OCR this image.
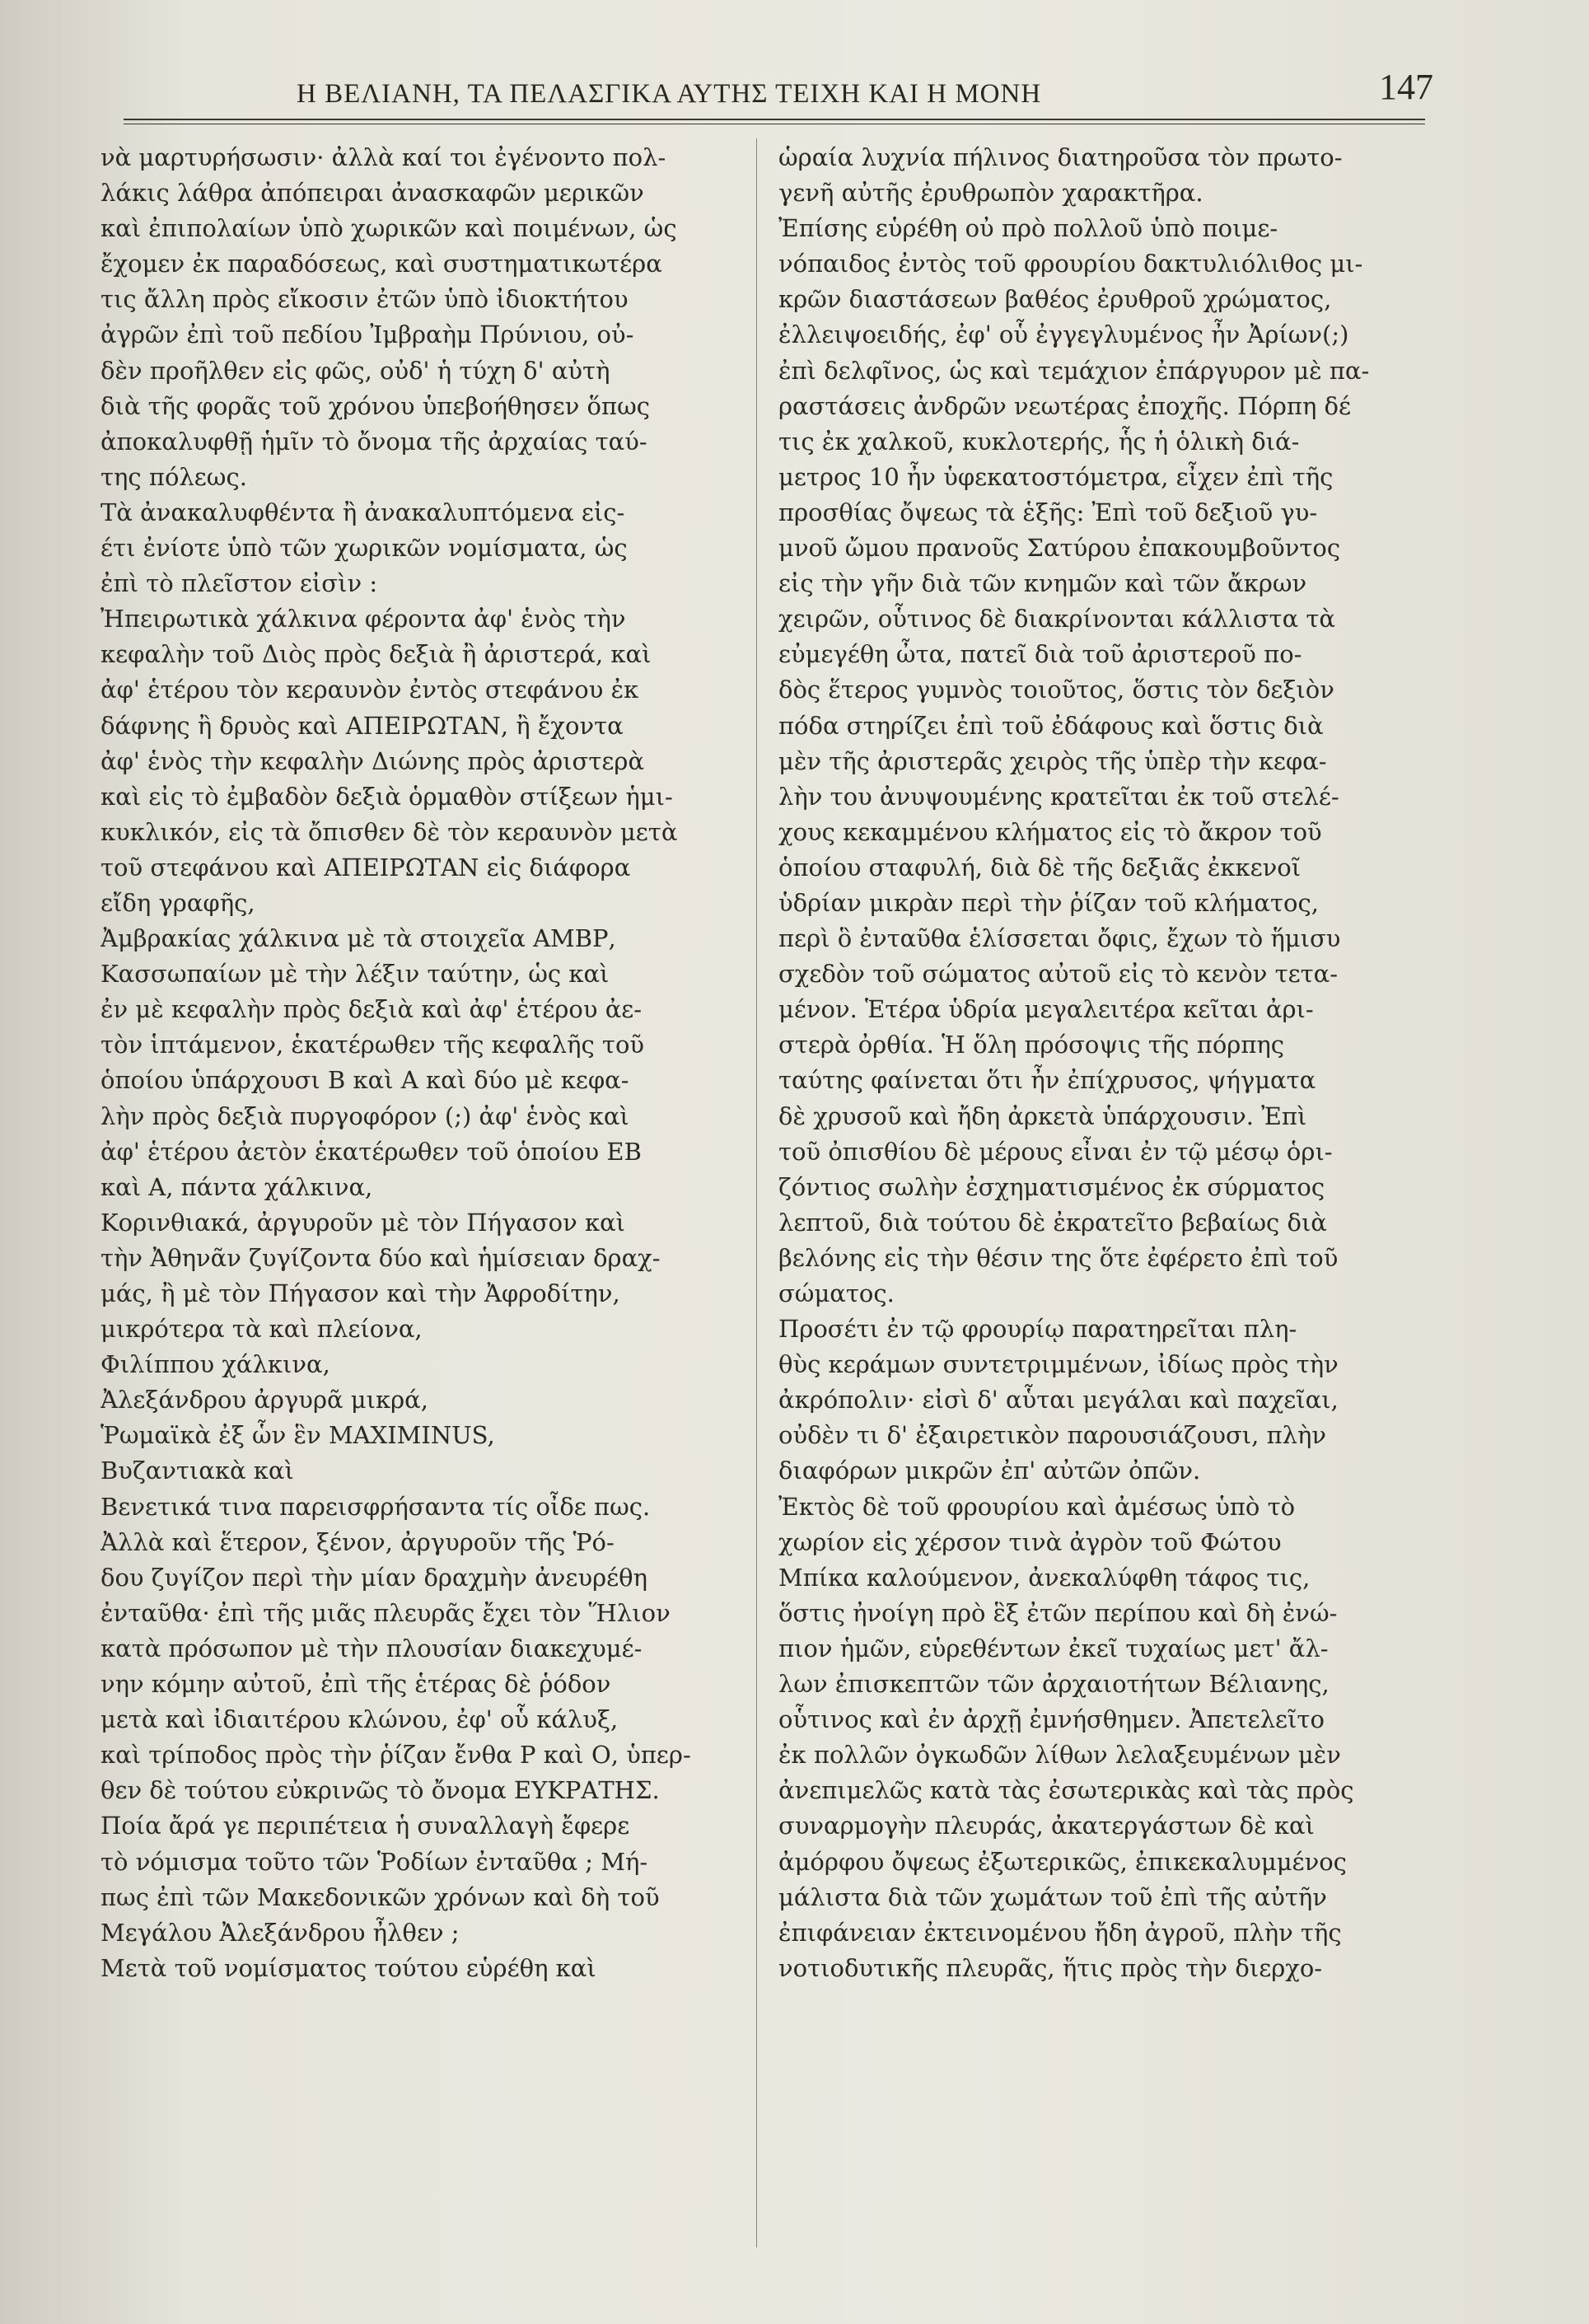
Η ΒΕΛΙΑΝΗ, ΤΑ ΠΕΛΑΣΓΙΚΑ ΑΥΤΗΣ ΤΕΙΧΗ ΚΑΙ Η ΜΟΝΗ	147
νὰ μαρτυρήσωσιν· ἀλλὰ καί τοι ἐγένοντο πολ-
λάκις λάθρα ἀπόπειραι ἀνασκαφῶν μερικῶν
καὶ ἐπιπολαίων ὑπὸ χωρικῶν καὶ ποιμένων, ὡς
ἔχομεν ἐκ παραδόσεως, καὶ συστηματικωτέρα
τις ἄλλη πρὸς εἴκοσιν ἐτῶν ὑπὸ ἰδιοκτήτου
ἀγρῶν ἐπὶ τοῦ πεδίου Ἰμβραὴμ Πρύνιου, οὐ-
δὲν προῆλθεν εἰς φῶς, οὐδ' ἡ τύχη δ' αὐτὴ
διὰ τῆς φορᾶς τοῦ χρόνου ὑπεβοήθησεν ὅπως
ἀποκαλυφθῇ ἡμῖν τὸ ὄνομα τῆς ἀρχαίας ταύ-
της πόλεως.
Τὰ ἀνακαλυφθέντα ἢ ἀνακαλυπτόμενα εἰς-
έτι ἐνίοτε ὑπὸ τῶν χωρικῶν νομίσματα, ὡς
ἐπὶ τὸ πλεῖστον εἰσὶν :
Ἠπειρωτικὰ χάλκινα φέροντα ἀφ' ἑνὸς τὴν
κεφαλὴν τοῦ Διὸς πρὸς δεξιὰ ἢ ἀριστερά, καὶ
ἀφ' ἑτέρου τὸν κεραυνὸν ἐντὸς στεφάνου ἐκ
δάφνης ἢ δρυὸς καὶ ΑΠΕΙΡΩΤΑΝ, ἢ ἔχοντα
ἀφ' ἑνὸς τὴν κεφαλὴν Διώνης πρὸς ἀριστερὰ
καὶ εἰς τὸ ἐμβαδὸν δεξιὰ ὁρμαθὸν στίξεων ἡμι-
κυκλικόν, εἰς τὰ ὄπισθεν δὲ τὸν κεραυνὸν μετὰ
τοῦ στεφάνου καὶ ΑΠΕΙΡΩΤΑΝ εἰς διάφορα
εἴδη γραφῆς,
Ἀμβρακίας χάλκινα μὲ τὰ στοιχεῖα ΑΜΒΡ,
Κασσωπαίων μὲ τὴν λέξιν ταύτην, ὡς καὶ
ἐν μὲ κεφαλὴν πρὸς δεξιὰ καὶ ἀφ' ἑτέρου ἀε-
τὸν ἱπτάμενον, ἑκατέρωθεν τῆς κεφαλῆς τοῦ
ὁποίου ὑπάρχουσι Β καὶ Α καὶ δύο μὲ κεφα-
λὴν πρὸς δεξιὰ πυργοφόρον (;) ἀφ' ἑνὸς καὶ
ἀφ' ἑτέρου ἀετὸν ἑκατέρωθεν τοῦ ὁποίου ΕΒ
καὶ Α, πάντα χάλκινα,
Κορινθιακά, ἀργυροῦν μὲ τὸν Πήγασον καὶ
τὴν Ἀθηνᾶν ζυγίζοντα δύο καὶ ἡμίσειαν δραχ-
μάς, ἢ μὲ τὸν Πήγασον καὶ τὴν Ἀφροδίτην,
μικρότερα τὰ καὶ πλείονα,
Φιλίππου χάλκινα,
Ἀλεξάνδρου ἀργυρᾶ μικρά,
Ῥωμαϊκὰ ἐξ ὧν ἓν MAXIMINUS,
Βυζαντιακὰ καὶ
Βενετικά τινα παρεισφρήσαντα τίς οἶδε πως.
Ἀλλὰ καὶ ἕτερον, ξένον, ἀργυροῦν τῆς Ῥό-
δου ζυγίζον περὶ τὴν μίαν δραχμὴν ἀνευρέθη
ἐνταῦθα· ἐπὶ τῆς μιᾶς πλευρᾶς ἔχει τὸν Ἥλιον
κατὰ πρόσωπον μὲ τὴν πλουσίαν διακεχυμέ-
νην κόμην αὐτοῦ, ἐπὶ τῆς ἑτέρας δὲ ῥόδον
μετὰ καὶ ἰδιαιτέρου κλώνου, ἐφ' οὗ κάλυξ,
καὶ τρίποδος πρὸς τὴν ῥίζαν ἔνθα Ρ καὶ Ο, ὑπερ-
θεν δὲ τούτου εὐκρινῶς τὸ ὄνομα ΕΥΚΡΑΤΗΣ.
Ποία ἄρά γε περιπέτεια ἡ συναλλαγὴ ἔφερε
τὸ νόμισμα τοῦτο τῶν Ῥοδίων ἐνταῦθα ; Μή-
πως ἐπὶ τῶν Μακεδονικῶν χρόνων καὶ δὴ τοῦ
Μεγάλου Ἀλεξάνδρου ἦλθεν ;
Μετὰ τοῦ νομίσματος τούτου εὑρέθη καὶ
ὡραία λυχνία πήλινος διατηροῦσα τὸν πρωτο-
γενῆ αὐτῆς ἐρυθρωπὸν χαρακτῆρα.
Ἐπίσης εὑρέθη οὐ πρὸ πολλοῦ ὑπὸ ποιμε-
νόπαιδος ἐντὸς τοῦ φρουρίου δακτυλιόλιθος μι-
κρῶν διαστάσεων βαθέος ἐρυθροῦ χρώματος,
ἐλλειψοειδής, ἐφ' οὗ ἐγγεγλυμένος ἦν Ἀρίων(;)
ἐπὶ δελφῖνος, ὡς καὶ τεμάχιον ἐπάργυρον μὲ πα-
ραστάσεις ἀνδρῶν νεωτέρας ἐποχῆς. Πόρπη δέ
τις ἐκ χαλκοῦ, κυκλοτερής, ἧς ἡ ὁλικὴ διά-
μετρος 10 ἦν ὑφεκατοστόμετρα, εἶχεν ἐπὶ τῆς
προσθίας ὄψεως τὰ ἑξῆς: Ἐπὶ τοῦ δεξιοῦ γυ-
μνοῦ ὤμου πρανοῦς Σατύρου ἐπακουμβοῦντος
εἰς τὴν γῆν διὰ τῶν κνημῶν καὶ τῶν ἄκρων
χειρῶν, οὗτινος δὲ διακρίνονται κάλλιστα τὰ
εὐμεγέθη ὦτα, πατεῖ διὰ τοῦ ἀριστεροῦ πο-
δὸς ἕτερος γυμνὸς τοιοῦτος, ὅστις τὸν δεξιὸν
πόδα στηρίζει ἐπὶ τοῦ ἐδάφους καὶ ὅστις διὰ
μὲν τῆς ἀριστερᾶς χειρὸς τῆς ὑπὲρ τὴν κεφα-
λὴν του ἀνυψουμένης κρατεῖται ἐκ τοῦ στελέ-
χους κεκαμμένου κλήματος εἰς τὸ ἄκρον τοῦ
ὁποίου σταφυλή, διὰ δὲ τῆς δεξιᾶς ἐκκενοῖ
ὑδρίαν μικρὰν περὶ τὴν ῥίζαν τοῦ κλήματος,
περὶ ὃ ἐνταῦθα ἑλίσσεται ὄφις, ἔχων τὸ ἥμισυ
σχεδὸν τοῦ σώματος αὐτοῦ εἰς τὸ κενὸν τετα-
μένον. Ἑτέρα ὑδρία μεγαλειτέρα κεῖται ἀρι-
στερὰ ὀρθία. Ἡ ὅλη πρόσοψις τῆς πόρπης
ταύτης φαίνεται ὅτι ἦν ἐπίχρυσος, ψήγματα
δὲ χρυσοῦ καὶ ἤδη ἀρκετὰ ὑπάρχουσιν. Ἐπὶ
τοῦ ὀπισθίου δὲ μέρους εἶναι ἐν τῷ μέσῳ ὁρι-
ζόντιος σωλὴν ἐσχηματισμένος ἐκ σύρματος
λεπτοῦ, διὰ τούτου δὲ ἐκρατεῖτο βεβαίως διὰ
βελόνης εἰς τὴν θέσιν της ὅτε ἐφέρετο ἐπὶ τοῦ
σώματος.
Προσέτι ἐν τῷ φρουρίῳ παρατηρεῖται πλη-
θὺς κεράμων συντετριμμένων, ἰδίως πρὸς τὴν
ἀκρόπολιν· εἰσὶ δ' αὗται μεγάλαι καὶ παχεῖαι,
οὐδὲν τι δ' ἐξαιρετικὸν παρουσιάζουσι, πλὴν
διαφόρων μικρῶν ἐπ' αὐτῶν ὀπῶν.
Ἐκτὸς δὲ τοῦ φρουρίου καὶ ἀμέσως ὑπὸ τὸ
χωρίον εἰς χέρσον τινὰ ἀγρὸν τοῦ Φώτου
Μπίκα καλούμενον, ἀνεκαλύφθη τάφος τις,
ὅστις ἠνοίγη πρὸ ἓξ ἐτῶν περίπου καὶ δὴ ἐνώ-
πιον ἡμῶν, εὑρεθέντων ἐκεῖ τυχαίως μετ' ἄλ-
λων ἐπισκεπτῶν τῶν ἀρχαιοτήτων Βέλιανης,
οὗτινος καὶ ἐν ἀρχῇ ἐμνήσθημεν. Ἀπετελεῖτο
ἐκ πολλῶν ὀγκωδῶν λίθων λελαξευμένων μὲν
ἀνεπιμελῶς κατὰ τὰς ἐσωτερικὰς καὶ τὰς πρὸς
συναρμογὴν πλευράς, ἀκατεργάστων δὲ καὶ
ἀμόρφου ὄψεως ἐξωτερικῶς, ἐπικεκαλυμμένος
μάλιστα διὰ τῶν χωμάτων τοῦ ἐπὶ τῆς αὐτῆν
ἐπιφάνειαν ἐκτεινομένου ἤδη ἀγροῦ, πλὴν τῆς
νοτιοδυτικῆς πλευρᾶς, ἥτις πρὸς τὴν διερχο-
